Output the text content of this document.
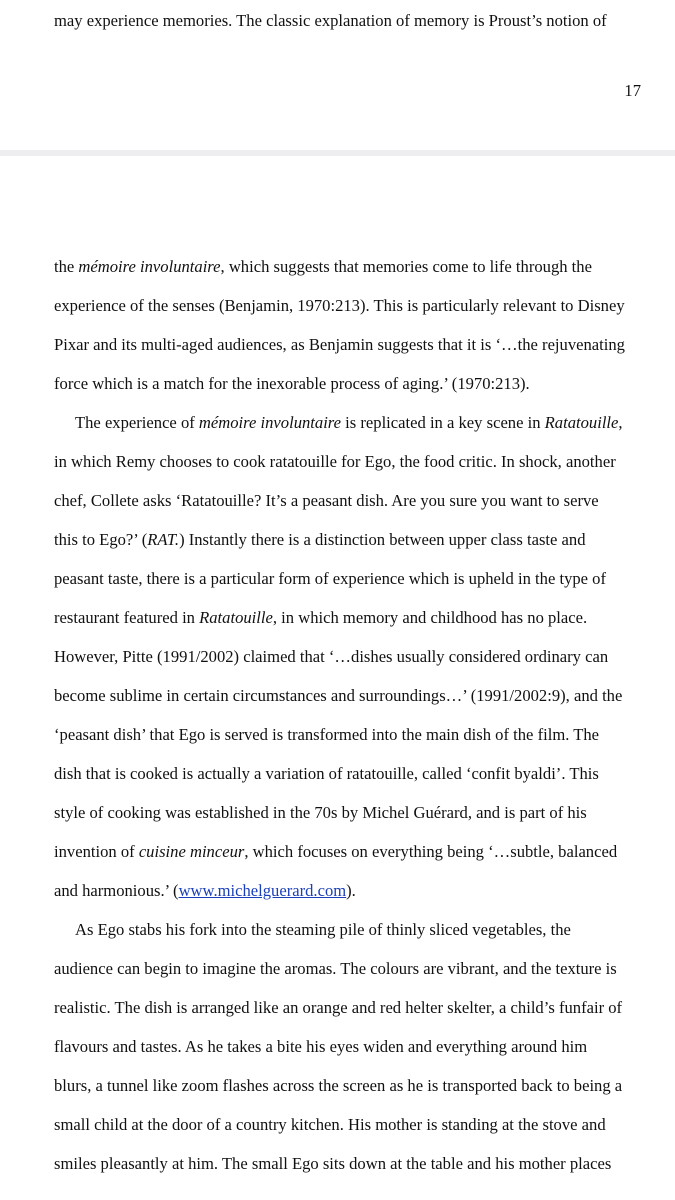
may experience memories. The classic explanation of memory is Proust’s notion of
17
the mémoire involuntaire, which suggests that memories come to life through the
experience of the senses (Benjamin, 1970:213). This is particularly relevant to Disney
Pixar and its multi-aged audiences, as Benjamin suggests that it is ‘…the rejuvenating
force which is a match for the inexorable process of aging.’ (1970:213).
The experience of mémoire involuntaire is replicated in a key scene in Ratatouille,
in which Remy chooses to cook ratatouille for Ego, the food critic. In shock, another
chef, Collete asks ‘Ratatouille? It’s a peasant dish. Are you sure you want to serve
this to Ego?’ (RAT.) Instantly there is a distinction between upper class taste and
peasant taste, there is a particular form of experience which is upheld in the type of
restaurant featured in Ratatouille, in which memory and childhood has no place.
However, Pitte (1991/2002) claimed that ‘…dishes usually considered ordinary can
become sublime in certain circumstances and surroundings…’ (1991/2002:9), and the
‘peasant dish’ that Ego is served is transformed into the main dish of the film. The
dish that is cooked is actually a variation of ratatouille, called ‘confit byaldi’. This
style of cooking was established in the 70s by Michel Guérard, and is part of his
invention of cuisine minceur, which focuses on everything being ‘…subtle, balanced
and harmonious.’ (www.michelguerard.com).
As Ego stabs his fork into the steaming pile of thinly sliced vegetables, the
audience can begin to imagine the aromas. The colours are vibrant, and the texture is
realistic. The dish is arranged like an orange and red helter skelter, a child’s funfair of
flavours and tastes. As he takes a bite his eyes widen and everything around him
blurs, a tunnel like zoom flashes across the screen as he is transported back to being a
small child at the door of a country kitchen. His mother is standing at the stove and
smiles pleasantly at him. The small Ego sits down at the table and his mother places
